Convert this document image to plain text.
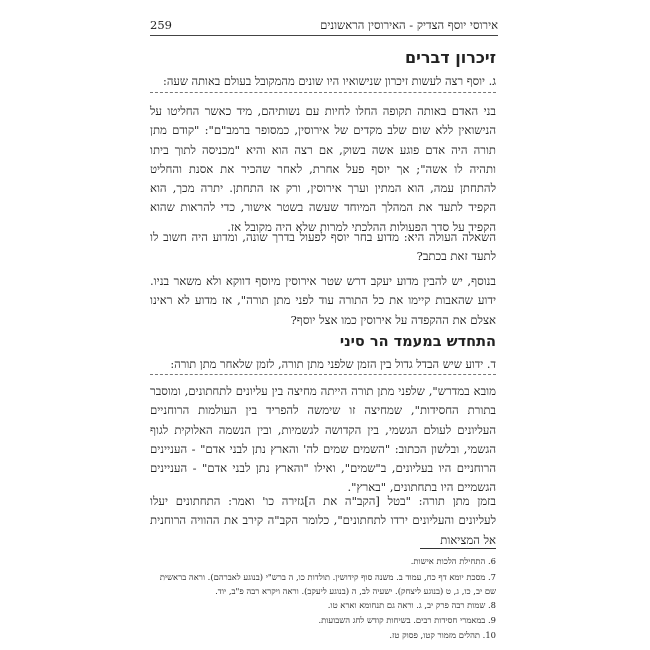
אירוסי יוסף הצדיק - האירוסין הראשונים
259
זיכרון דברים

ג. יוסף רצה לעשות זיכרון שנישואיו היו שונים מהמקובל בעולם באותה שעה:

בני האדם באותה תקופה החלו לחיות עם נשותיהם, מיד כאשר החליטו על הנישואין ללא שום שלב מקדים של אירוסין, כמסופר ברמב"ם": "קודם מתן תורה היה אדם פוגע אשה בשוק, אם רצה הוא והיא "מכניסה לתוך ביתו ותהיה לו אשה"; אך יוסף פעל אחרת, לאחר שהכיר את אסנת והחליט להתחתן עמה, הוא המתין וערך אירוסין, ורק אז התחתן. יתרה מכך, הוא הקפיד לתעד את המהלך המיוחד שעשה בשטר אישור, כדי להראות שהוא הקפיד על סדר הפעולות ההלכתי למרות שלא היה מקובל אז.

השאלה העולה היא: מדוע בחר יוסף לפעול בדרך שונה, ומדוע היה חשוב לו לתעד זאת בכתב?

בנוסף, יש להבין מדוע יעקב דרש שטר אירוסין מיוסף דווקא ולא משאר בניו. ידוע שהאבות קיימו את כל התורה עוד לפני מתן תורה", אז מדוע לא ראינו אצלם את ההקפדה על אירוסין כמו אצל יוסף?

התחדש במעמד הר סיני

ד. ידוע שיש הבדל גדול בין הזמן שלפני מתן תורה, לזמן שלאחר מתן תורה:

מובא במדרש", שלפני מתן תורה הייתה מחיצה בין עליונים לתחתונים, ומוסבר בתורת החסידות", שמחיצה זו שימשה להפריד בין העולמות הרוחניים העליונים לעולם הגשמי, בין הקדושה לגשמיות, ובין הנשמה האלוקית לגוף הגשמי, ובלשון הכתוב: "השמים שמים לה' והארץ נתן לבני אדם" - העניינים הרוחניים היו בעליונים, ב"שמים", ואילו "והארץ נתן לבני אדם" - העניינים הגשמיים היו בתחתונים, "בארץ".

בזמן מתן תורה: "בטל [הקב"ה את ה]גזירה כו' ואמר: התחתונים יעלו לעליונים והעליונים ירדו לתחתונים", כלומר הקב"ה קירב את ההוויה הרוחנית אל המציאות

6. התחילת הלכות אישות.

7. מסכת יומא דף כח, עמוד ב. משנה סוף קידושין. תולדות כו, ה ברש"י (בנוגע לאברהם). וראה בראשית שם יב, כו, ג, ט (בנוגע ליצחק). ישעיה לב, ה (בנוגע ליעקב). וראה ויקרא רבה פ"ב, יוד.

8. שמות רבה פרק יב, ג. וראה גם תנחומא וארא טו.

9. במאמרי חסידות רבים. בשיחות קודש לחג השבועות.

10. תהלים מזמור קטו, פסוק טז.
